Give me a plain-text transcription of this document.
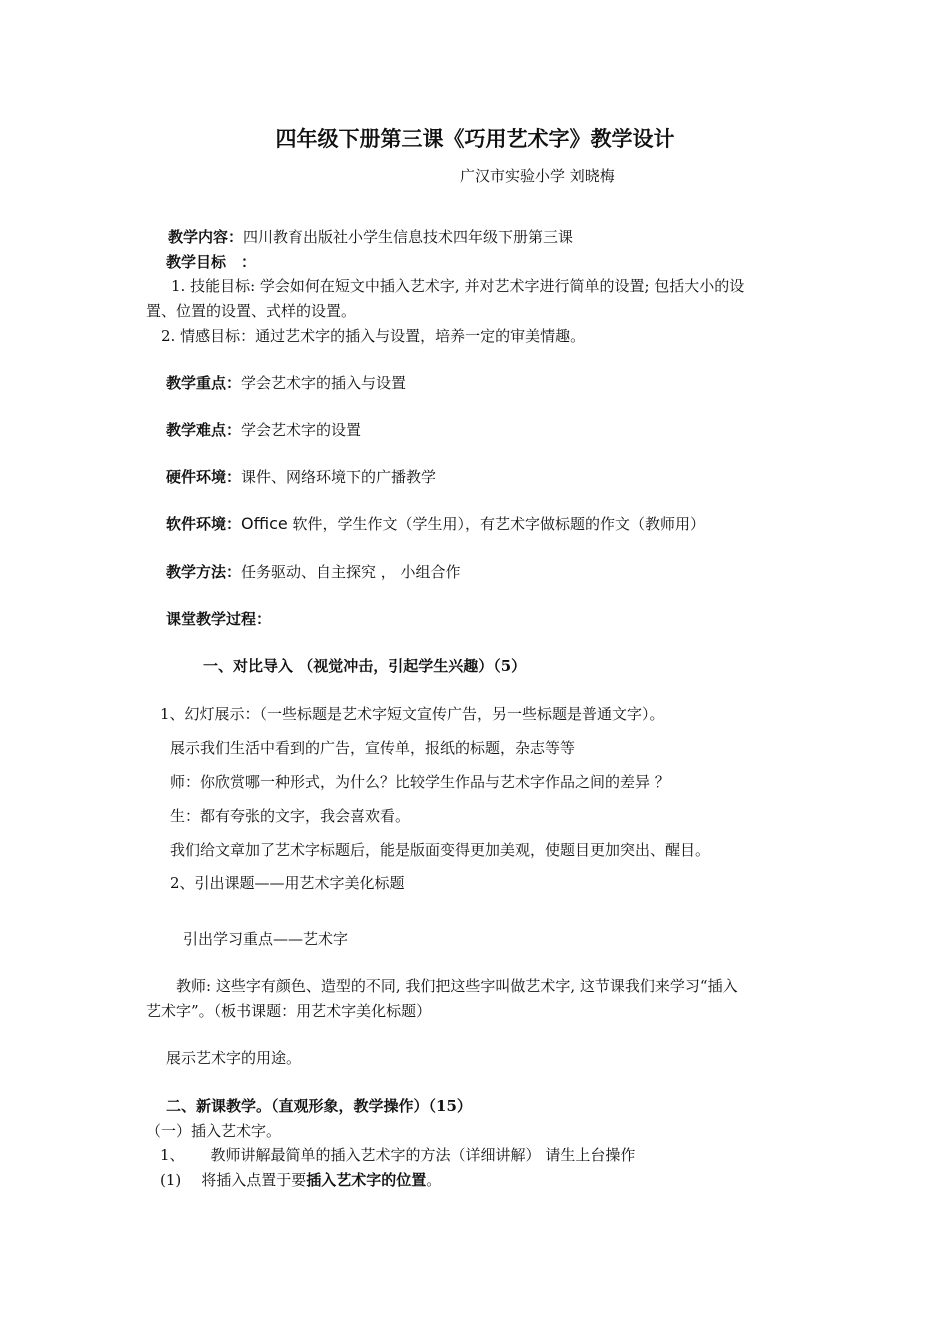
四年级下册第三课《巧用艺术字》教学设计
广汉市实验小学 刘晓梅
教学内容：四川教育出版社小学生信息技术四年级下册第三课
教学目标　：
1. 技能目标: 学会如何在短文中插入艺术字, 并对艺术字进行简单的设置; 包括大小的设
置、位置的设置、式样的设置。
2. 情感目标：通过艺术字的插入与设置，培养一定的审美情趣。
教学重点：学会艺术字的插入与设置
教学难点：学会艺术字的设置
硬件环境：课件、网络环境下的广播教学
软件环境：Office 软件，学生作文（学生用），有艺术字做标题的作文（教师用）
教学方法：任务驱动、自主探究 ， 小组合作
课堂教学过程：
一、对比导入 （视觉冲击，引起学生兴趣）（5）
1、幻灯展示：（一些标题是艺术字短文宣传广告，另一些标题是普通文字）。
展示我们生活中看到的广告，宣传单，报纸的标题，杂志等等
师：你欣赏哪一种形式，为什么？比较学生作品与艺术字作品之间的差异 ？
生：都有夸张的文字，我会喜欢看。
我们给文章加了艺术字标题后，能是版面变得更加美观，使题目更加突出、醒目。
2、引出课题——用艺术字美化标题
引出学习重点——艺术字
教师: 这些字有颜色、造型的不同, 我们把这些字叫做艺术字, 这节课我们来学习“插入
艺术字”。（板书课题：用艺术字美化标题）
展示艺术字的用途。
二、新课教学。（直观形象，教学操作）（15）
（一）插入艺术字。
1、 教师讲解最简单的插入艺术字的方法（详细讲解） 请生上台操作
(1) 将插入点置于要插入艺术字的位置。
